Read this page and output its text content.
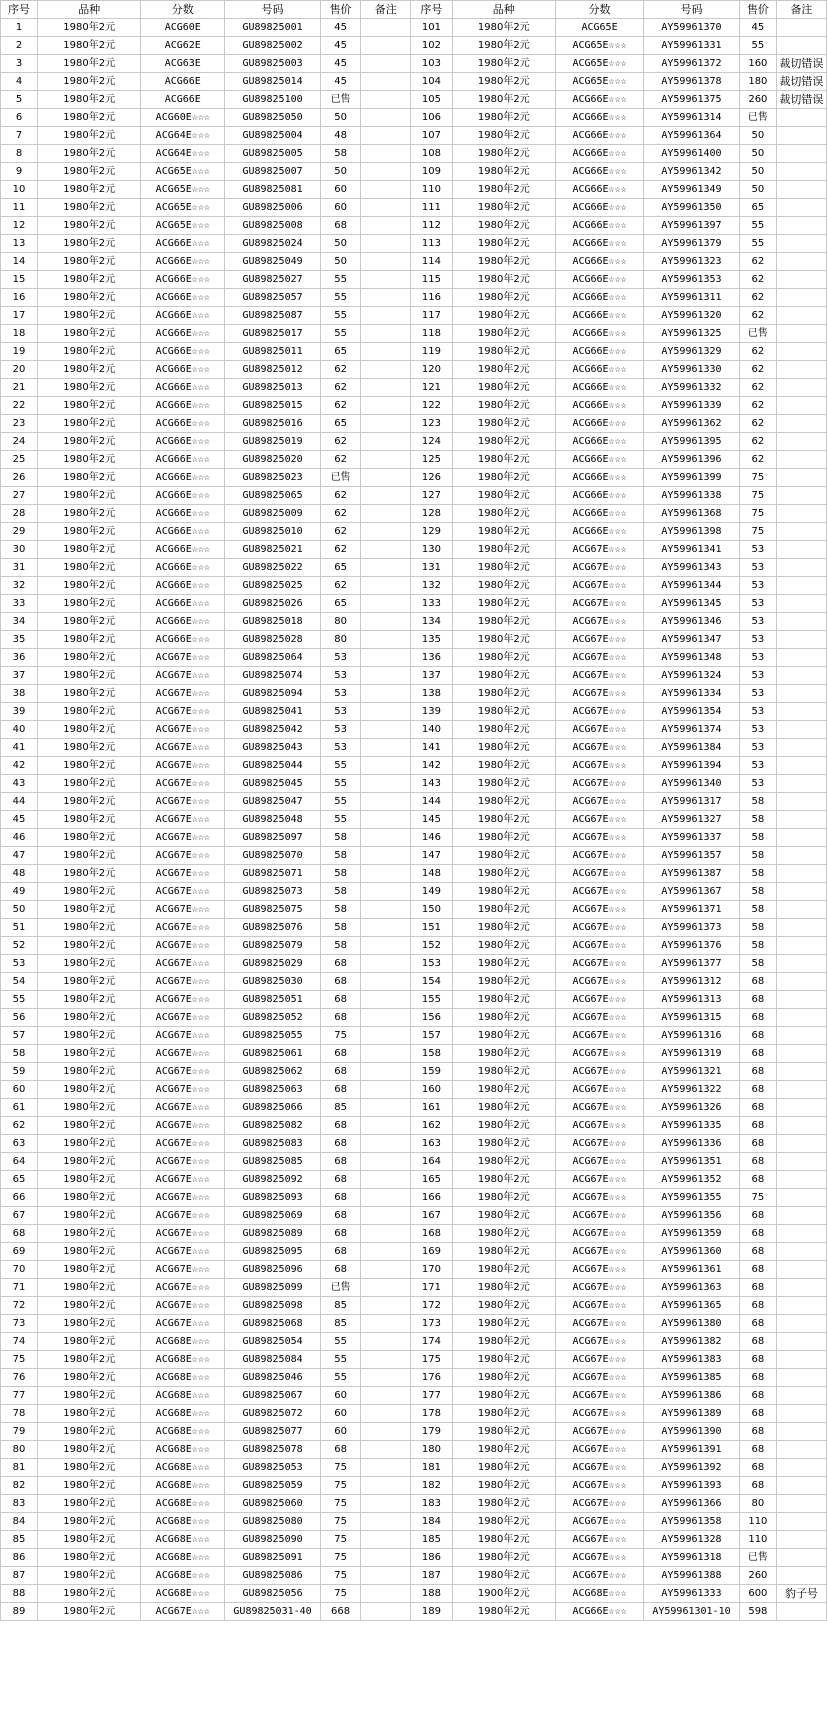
序号	品种	分数	号码	售价	备注	序号	品种	分数	号码	售价	备注
1	1980年2元	ACG60E	GU89825001	45		101	1980年2元	ACG65E	AY59961370	45	
2	1980年2元	ACG62E	GU89825002	45		102	1980年2元	ACG65E☆☆☆	AY59961331	55	
3	1980年2元	ACG63E	GU89825003	45		103	1980年2元	ACG65E☆☆☆	AY59961372	160	裁切错误
4	1980年2元	ACG66E	GU89825014	45		104	1980年2元	ACG65E☆☆☆	AY59961378	180	裁切错误
5	1980年2元	ACG66E	GU89825100	已售		105	1980年2元	ACG66E☆☆☆	AY59961375	260	裁切错误
6	1980年2元	ACG60E☆☆☆	GU89825050	50		106	1980年2元	ACG66E☆☆☆	AY59961314	已售	
7	1980年2元	ACG64E☆☆☆	GU89825004	48		107	1980年2元	ACG66E☆☆☆	AY59961364	50	
8	1980年2元	ACG64E☆☆☆	GU89825005	58		108	1980年2元	ACG66E☆☆☆	AY59961400	50	
9	1980年2元	ACG65E☆☆☆	GU89825007	50		109	1980年2元	ACG66E☆☆☆	AY59961342	50	
10	1980年2元	ACG65E☆☆☆	GU89825081	60		110	1980年2元	ACG66E☆☆☆	AY59961349	50	
11	1980年2元	ACG65E☆☆☆	GU89825006	60		111	1980年2元	ACG66E☆☆☆	AY59961350	65	
12	1980年2元	ACG65E☆☆☆	GU89825008	68		112	1980年2元	ACG66E☆☆☆	AY59961397	55	
13	1980年2元	ACG66E☆☆☆	GU89825024	50		113	1980年2元	ACG66E☆☆☆	AY59961379	55	
14	1980年2元	ACG66E☆☆☆	GU89825049	50		114	1980年2元	ACG66E☆☆☆	AY59961323	62	
15	1980年2元	ACG66E☆☆☆	GU89825027	55		115	1980年2元	ACG66E☆☆☆	AY59961353	62	
16	1980年2元	ACG66E☆☆☆	GU89825057	55		116	1980年2元	ACG66E☆☆☆	AY59961311	62	
17	1980年2元	ACG66E☆☆☆	GU89825087	55		117	1980年2元	ACG66E☆☆☆	AY59961320	62	
18	1980年2元	ACG66E☆☆☆	GU89825017	55		118	1980年2元	ACG66E☆☆☆	AY59961325	已售	
19	1980年2元	ACG66E☆☆☆	GU89825011	65		119	1980年2元	ACG66E☆☆☆	AY59961329	62	
20	1980年2元	ACG66E☆☆☆	GU89825012	62		120	1980年2元	ACG66E☆☆☆	AY59961330	62	
21	1980年2元	ACG66E☆☆☆	GU89825013	62		121	1980年2元	ACG66E☆☆☆	AY59961332	62	
22	1980年2元	ACG66E☆☆☆	GU89825015	62		122	1980年2元	ACG66E☆☆☆	AY59961339	62	
23	1980年2元	ACG66E☆☆☆	GU89825016	65		123	1980年2元	ACG66E☆☆☆	AY59961362	62	
24	1980年2元	ACG66E☆☆☆	GU89825019	62		124	1980年2元	ACG66E☆☆☆	AY59961395	62	
25	1980年2元	ACG66E☆☆☆	GU89825020	62		125	1980年2元	ACG66E☆☆☆	AY59961396	62	
26	1980年2元	ACG66E☆☆☆	GU89825023	已售		126	1980年2元	ACG66E☆☆☆	AY59961399	75	
27	1980年2元	ACG66E☆☆☆	GU89825065	62		127	1980年2元	ACG66E☆☆☆	AY59961338	75	
28	1980年2元	ACG66E☆☆☆	GU89825009	62		128	1980年2元	ACG66E☆☆☆	AY59961368	75	
29	1980年2元	ACG66E☆☆☆	GU89825010	62		129	1980年2元	ACG66E☆☆☆	AY59961398	75	
30	1980年2元	ACG66E☆☆☆	GU89825021	62		130	1980年2元	ACG67E☆☆☆	AY59961341	53	
31	1980年2元	ACG66E☆☆☆	GU89825022	65		131	1980年2元	ACG67E☆☆☆	AY59961343	53	
32	1980年2元	ACG66E☆☆☆	GU89825025	62		132	1980年2元	ACG67E☆☆☆	AY59961344	53	
33	1980年2元	ACG66E☆☆☆	GU89825026	65		133	1980年2元	ACG67E☆☆☆	AY59961345	53	
34	1980年2元	ACG66E☆☆☆	GU89825018	80		134	1980年2元	ACG67E☆☆☆	AY59961346	53	
35	1980年2元	ACG66E☆☆☆	GU89825028	80		135	1980年2元	ACG67E☆☆☆	AY59961347	53	
36	1980年2元	ACG67E☆☆☆	GU89825064	53		136	1980年2元	ACG67E☆☆☆	AY59961348	53	
37	1980年2元	ACG67E☆☆☆	GU89825074	53		137	1980年2元	ACG67E☆☆☆	AY59961324	53	
38	1980年2元	ACG67E☆☆☆	GU89825094	53		138	1980年2元	ACG67E☆☆☆	AY59961334	53	
39	1980年2元	ACG67E☆☆☆	GU89825041	53		139	1980年2元	ACG67E☆☆☆	AY59961354	53	
40	1980年2元	ACG67E☆☆☆	GU89825042	53		140	1980年2元	ACG67E☆☆☆	AY59961374	53	
41	1980年2元	ACG67E☆☆☆	GU89825043	53		141	1980年2元	ACG67E☆☆☆	AY59961384	53	
42	1980年2元	ACG67E☆☆☆	GU89825044	55		142	1980年2元	ACG67E☆☆☆	AY59961394	53	
43	1980年2元	ACG67E☆☆☆	GU89825045	55		143	1980年2元	ACG67E☆☆☆	AY59961340	53	
44	1980年2元	ACG67E☆☆☆	GU89825047	55		144	1980年2元	ACG67E☆☆☆	AY59961317	58	
45	1980年2元	ACG67E☆☆☆	GU89825048	55		145	1980年2元	ACG67E☆☆☆	AY59961327	58	
46	1980年2元	ACG67E☆☆☆	GU89825097	58		146	1980年2元	ACG67E☆☆☆	AY59961337	58	
47	1980年2元	ACG67E☆☆☆	GU89825070	58		147	1980年2元	ACG67E☆☆☆	AY59961357	58	
48	1980年2元	ACG67E☆☆☆	GU89825071	58		148	1980年2元	ACG67E☆☆☆	AY59961387	58	
49	1980年2元	ACG67E☆☆☆	GU89825073	58		149	1980年2元	ACG67E☆☆☆	AY59961367	58	
50	1980年2元	ACG67E☆☆☆	GU89825075	58		150	1980年2元	ACG67E☆☆☆	AY59961371	58	
51	1980年2元	ACG67E☆☆☆	GU89825076	58		151	1980年2元	ACG67E☆☆☆	AY59961373	58	
52	1980年2元	ACG67E☆☆☆	GU89825079	58		152	1980年2元	ACG67E☆☆☆	AY59961376	58	
53	1980年2元	ACG67E☆☆☆	GU89825029	68		153	1980年2元	ACG67E☆☆☆	AY59961377	58	
54	1980年2元	ACG67E☆☆☆	GU89825030	68		154	1980年2元	ACG67E☆☆☆	AY59961312	68	
55	1980年2元	ACG67E☆☆☆	GU89825051	68		155	1980年2元	ACG67E☆☆☆	AY59961313	68	
56	1980年2元	ACG67E☆☆☆	GU89825052	68		156	1980年2元	ACG67E☆☆☆	AY59961315	68	
57	1980年2元	ACG67E☆☆☆	GU89825055	75		157	1980年2元	ACG67E☆☆☆	AY59961316	68	
58	1980年2元	ACG67E☆☆☆	GU89825061	68		158	1980年2元	ACG67E☆☆☆	AY59961319	68	
59	1980年2元	ACG67E☆☆☆	GU89825062	68		159	1980年2元	ACG67E☆☆☆	AY59961321	68	
60	1980年2元	ACG67E☆☆☆	GU89825063	68		160	1980年2元	ACG67E☆☆☆	AY59961322	68	
61	1980年2元	ACG67E☆☆☆	GU89825066	85		161	1980年2元	ACG67E☆☆☆	AY59961326	68	
62	1980年2元	ACG67E☆☆☆	GU89825082	68		162	1980年2元	ACG67E☆☆☆	AY59961335	68	
63	1980年2元	ACG67E☆☆☆	GU89825083	68		163	1980年2元	ACG67E☆☆☆	AY59961336	68	
64	1980年2元	ACG67E☆☆☆	GU89825085	68		164	1980年2元	ACG67E☆☆☆	AY59961351	68	
65	1980年2元	ACG67E☆☆☆	GU89825092	68		165	1980年2元	ACG67E☆☆☆	AY59961352	68	
66	1980年2元	ACG67E☆☆☆	GU89825093	68		166	1980年2元	ACG67E☆☆☆	AY59961355	75	
67	1980年2元	ACG67E☆☆☆	GU89825069	68		167	1980年2元	ACG67E☆☆☆	AY59961356	68	
68	1980年2元	ACG67E☆☆☆	GU89825089	68		168	1980年2元	ACG67E☆☆☆	AY59961359	68	
69	1980年2元	ACG67E☆☆☆	GU89825095	68		169	1980年2元	ACG67E☆☆☆	AY59961360	68	
70	1980年2元	ACG67E☆☆☆	GU89825096	68		170	1980年2元	ACG67E☆☆☆	AY59961361	68	
71	1980年2元	ACG67E☆☆☆	GU89825099	已售		171	1980年2元	ACG67E☆☆☆	AY59961363	68	
72	1980年2元	ACG67E☆☆☆	GU89825098	85		172	1980年2元	ACG67E☆☆☆	AY59961365	68	
73	1980年2元	ACG67E☆☆☆	GU89825068	85		173	1980年2元	ACG67E☆☆☆	AY59961380	68	
74	1980年2元	ACG68E☆☆☆	GU89825054	55		174	1980年2元	ACG67E☆☆☆	AY59961382	68	
75	1980年2元	ACG68E☆☆☆	GU89825084	55		175	1980年2元	ACG67E☆☆☆	AY59961383	68	
76	1980年2元	ACG68E☆☆☆	GU89825046	55		176	1980年2元	ACG67E☆☆☆	AY59961385	68	
77	1980年2元	ACG68E☆☆☆	GU89825067	60		177	1980年2元	ACG67E☆☆☆	AY59961386	68	
78	1980年2元	ACG68E☆☆☆	GU89825072	60		178	1980年2元	ACG67E☆☆☆	AY59961389	68	
79	1980年2元	ACG68E☆☆☆	GU89825077	60		179	1980年2元	ACG67E☆☆☆	AY59961390	68	
80	1980年2元	ACG68E☆☆☆	GU89825078	68		180	1980年2元	ACG67E☆☆☆	AY59961391	68	
81	1980年2元	ACG68E☆☆☆	GU89825053	75		181	1980年2元	ACG67E☆☆☆	AY59961392	68	
82	1980年2元	ACG68E☆☆☆	GU89825059	75		182	1980年2元	ACG67E☆☆☆	AY59961393	68	
83	1980年2元	ACG68E☆☆☆	GU89825060	75		183	1980年2元	ACG67E☆☆☆	AY59961366	80	
84	1980年2元	ACG68E☆☆☆	GU89825080	75		184	1980年2元	ACG67E☆☆☆	AY59961358	110	
85	1980年2元	ACG68E☆☆☆	GU89825090	75		185	1980年2元	ACG67E☆☆☆	AY59961328	110	
86	1980年2元	ACG68E☆☆☆	GU89825091	75		186	1980年2元	ACG67E☆☆☆	AY59961318	已售	
87	1980年2元	ACG68E☆☆☆	GU89825086	75		187	1980年2元	ACG67E☆☆☆	AY59961388	260	
88	1980年2元	ACG68E☆☆☆	GU89825056	75		188	1900年2元	ACG68E☆☆☆	AY59961333	600	豹子号
89	1980年2元	ACG67E☆☆☆	GU89825031-40	668		189	1980年2元	ACG66E☆☆☆	AY59961301-10	598	
